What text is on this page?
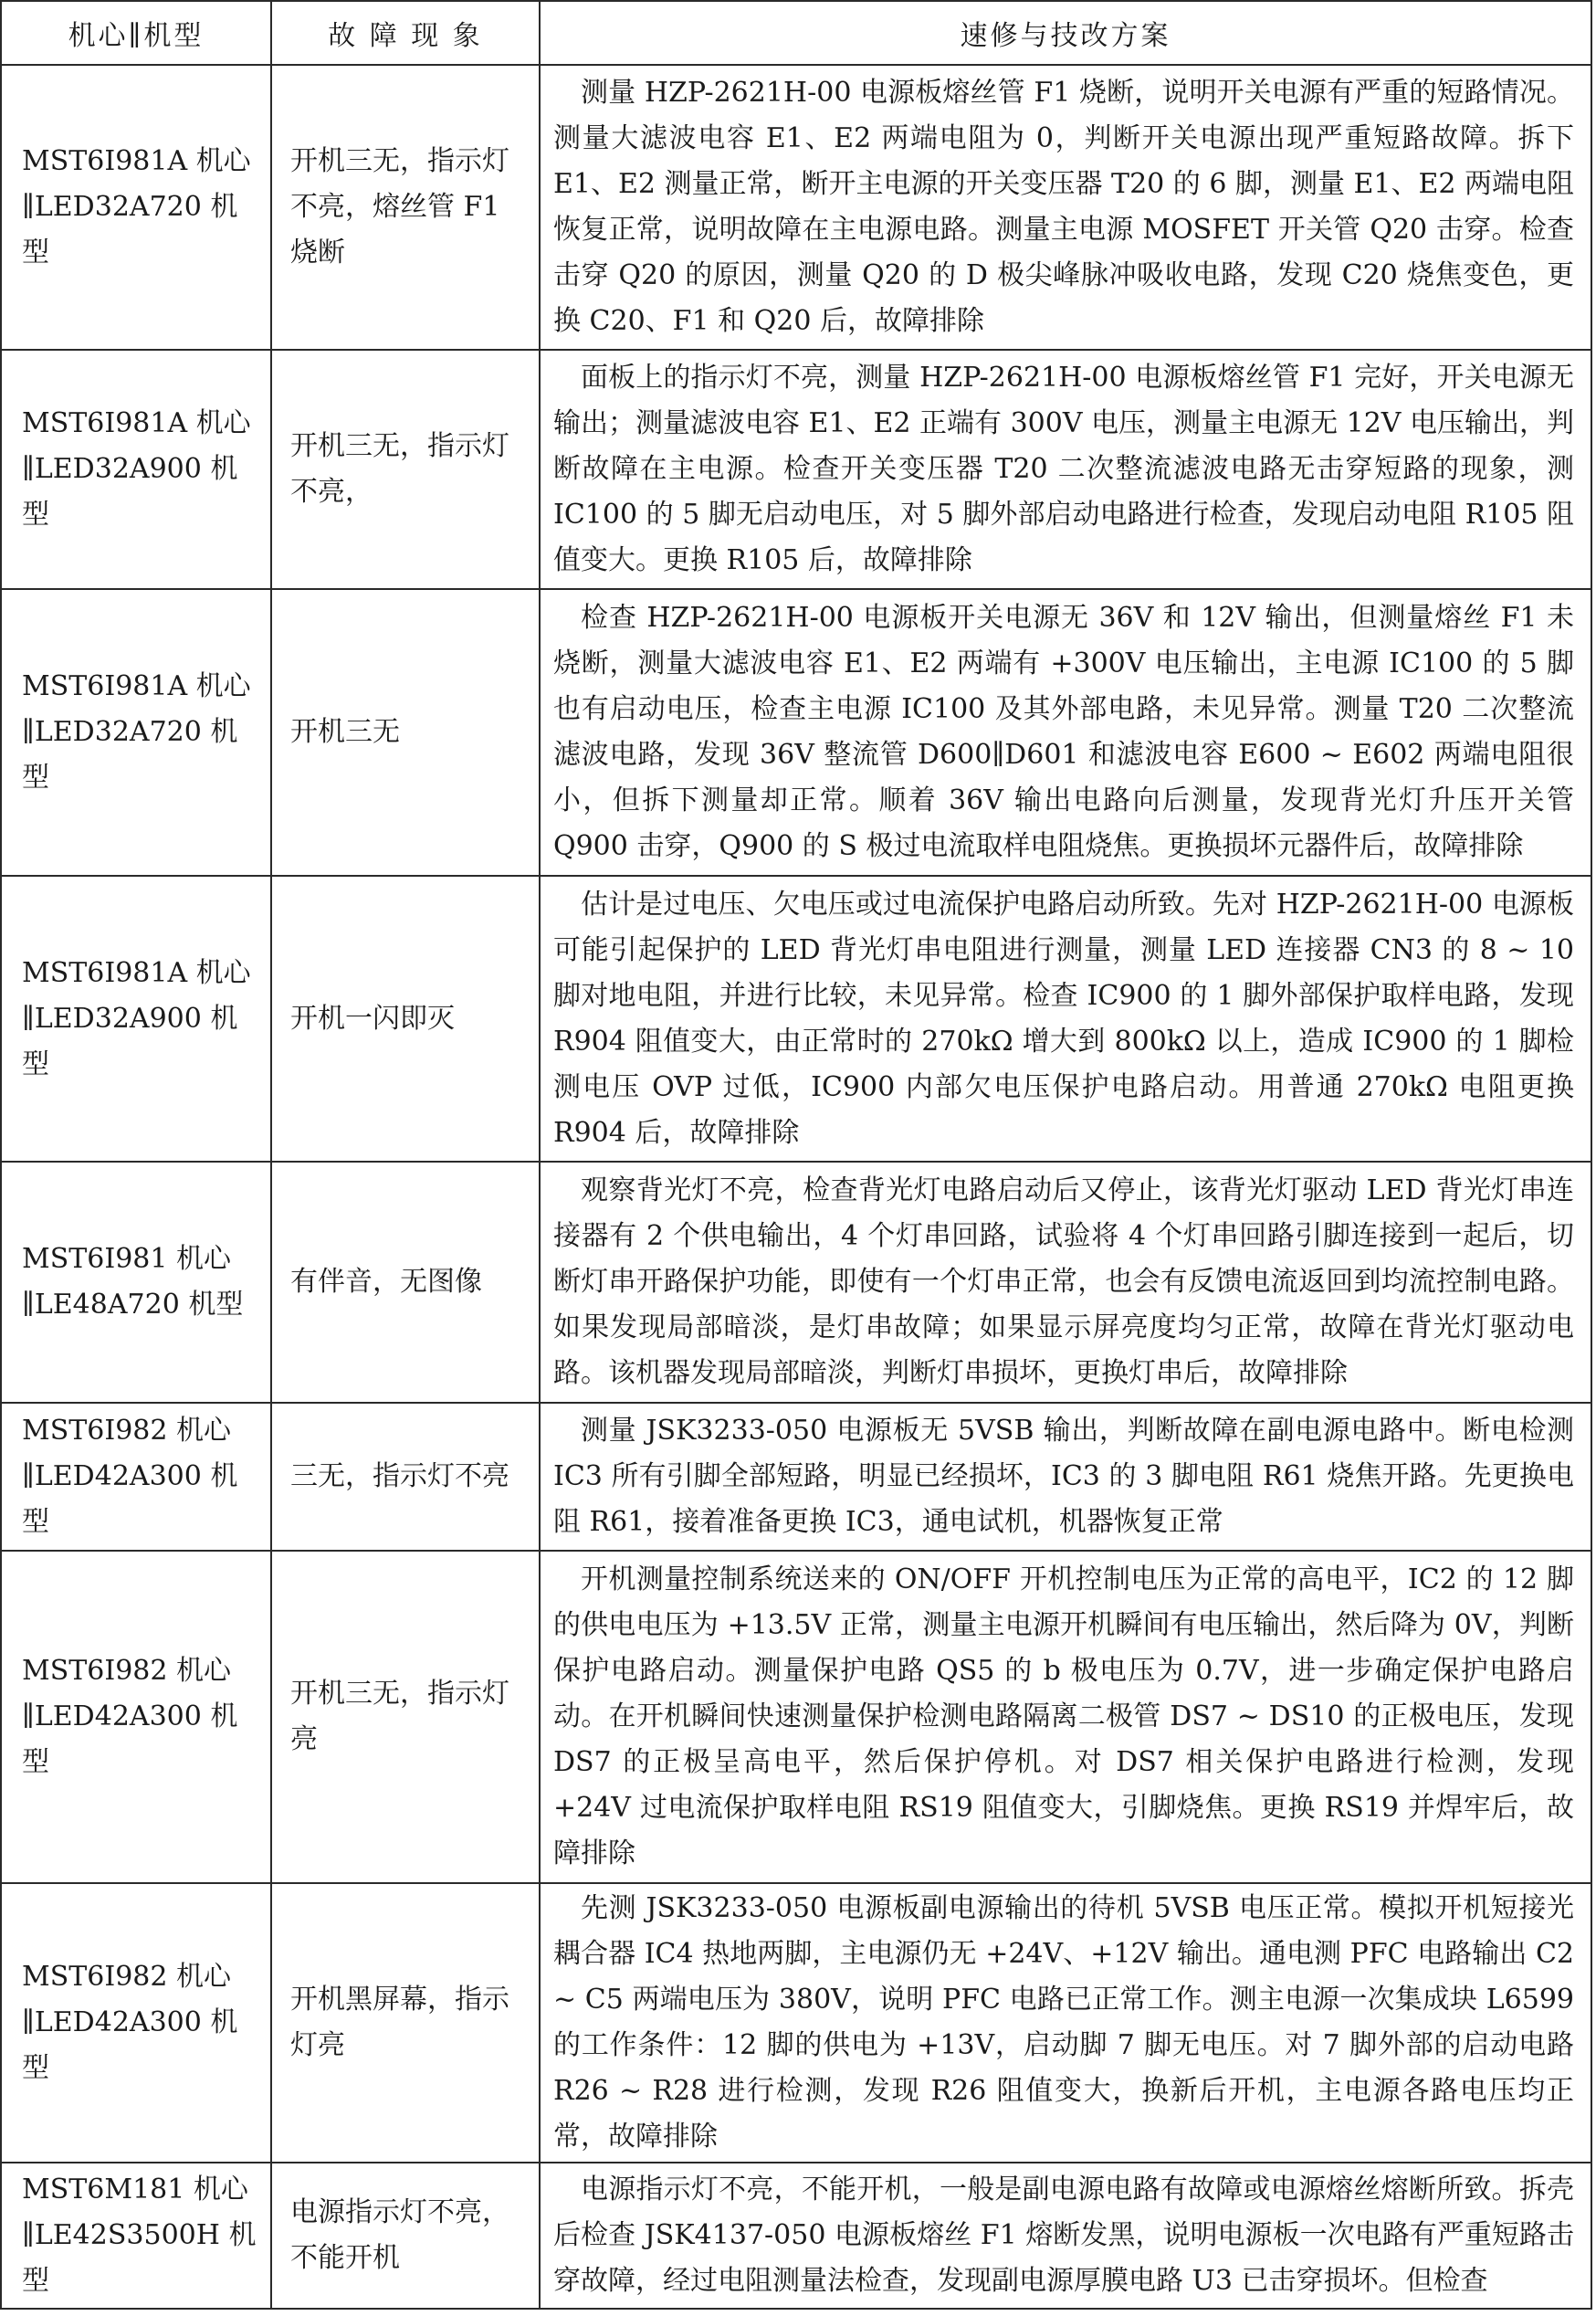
机心∥机型	故 障 现 象	速修与技改方案
MST6I981A 机心∥LED32A720 机型	开机三无，指示灯不亮，熔丝管 F1 烧断	测量 HZP-2621H-00 电源板熔丝管 F1 烧断，说明开关电源有严重的短路情况。测量大滤波电容 E1、E2 两端电阻为 0，判断开关电源出现严重短路故障。拆下 E1、E2 测量正常，断开主电源的开关变压器 T20 的 6 脚，测量 E1、E2 两端电阻恢复正常，说明故障在主电源电路。测量主电源 MOSFET 开关管 Q20 击穿。检查击穿 Q20 的原因，测量 Q20 的 D 极尖峰脉冲吸收电路，发现 C20 烧焦变色，更换 C20、F1 和 Q20 后，故障排除
MST6I981A 机心∥LED32A900 机型	开机三无，指示灯不亮，	面板上的指示灯不亮，测量 HZP-2621H-00 电源板熔丝管 F1 完好，开关电源无输出；测量滤波电容 E1、E2 正端有 300V 电压，测量主电源无 12V 电压输出，判断故障在主电源。检查开关变压器 T20 二次整流滤波电路无击穿短路的现象，测 IC100 的 5 脚无启动电压，对 5 脚外部启动电路进行检查，发现启动电阻 R105 阻值变大。更换 R105 后，故障排除
MST6I981A 机心∥LED32A720 机型	开机三无	检查 HZP-2621H-00 电源板开关电源无 36V 和 12V 输出，但测量熔丝 F1 未烧断，测量大滤波电容 E1、E2 两端有 +300V 电压输出，主电源 IC100 的 5 脚也有启动电压，检查主电源 IC100 及其外部电路，未见异常。测量 T20 二次整流滤波电路，发现 36V 整流管 D600∥D601 和滤波电容 E600 ~ E602 两端电阻很小，但拆下测量却正常。顺着 36V 输出电路向后测量，发现背光灯升压开关管 Q900 击穿，Q900 的 S 极过电流取样电阻烧焦。更换损坏元器件后，故障排除
MST6I981A 机心∥LED32A900 机型	开机一闪即灭	估计是过电压、欠电压或过电流保护电路启动所致。先对 HZP-2621H-00 电源板可能引起保护的 LED 背光灯串电阻进行测量，测量 LED 连接器 CN3 的 8 ~ 10 脚对地电阻，并进行比较，未见异常。检查 IC900 的 1 脚外部保护取样电路，发现 R904 阻值变大，由正常时的 270kΩ 增大到 800kΩ 以上，造成 IC900 的 1 脚检测电压 OVP 过低，IC900 内部欠电压保护电路启动。用普通 270kΩ 电阻更换 R904 后，故障排除
MST6I981 机心∥LE48A720 机型	有伴音，无图像	观察背光灯不亮，检查背光灯电路启动后又停止，该背光灯驱动 LED 背光灯串连接器有 2 个供电输出，4 个灯串回路，试验将 4 个灯串回路引脚连接到一起后，切断灯串开路保护功能，即使有一个灯串正常，也会有反馈电流返回到均流控制电路。如果发现局部暗淡，是灯串故障；如果显示屏亮度均匀正常，故障在背光灯驱动电路。该机器发现局部暗淡，判断灯串损坏，更换灯串后，故障排除
MST6I982 机心∥LED42A300 机型	三无，指示灯不亮	测量 JSK3233-050 电源板无 5VSB 输出，判断故障在副电源电路中。断电检测 IC3 所有引脚全部短路，明显已经损坏，IC3 的 3 脚电阻 R61 烧焦开路。先更换电阻 R61，接着准备更换 IC3，通电试机，机器恢复正常
MST6I982 机心∥LED42A300 机型	开机三无，指示灯亮	开机测量控制系统送来的 ON/OFF 开机控制电压为正常的高电平，IC2 的 12 脚的供电电压为 +13.5V 正常，测量主电源开机瞬间有电压输出，然后降为 0V，判断保护电路启动。测量保护电路 QS5 的 b 极电压为 0.7V，进一步确定保护电路启动。在开机瞬间快速测量保护检测电路隔离二极管 DS7 ~ DS10 的正极电压，发现 DS7 的正极呈高电平，然后保护停机。对 DS7 相关保护电路进行检测，发现 +24V 过电流保护取样电阻 RS19 阻值变大，引脚烧焦。更换 RS19 并焊牢后，故障排除
MST6I982 机心∥LED42A300 机型	开机黑屏幕，指示灯亮	先测 JSK3233-050 电源板副电源输出的待机 5VSB 电压正常。模拟开机短接光耦合器 IC4 热地两脚，主电源仍无 +24V、+12V 输出。通电测 PFC 电路输出 C2 ~ C5 两端电压为 380V，说明 PFC 电路已正常工作。测主电源一次集成块 L6599 的工作条件：12 脚的供电为 +13V，启动脚 7 脚无电压。对 7 脚外部的启动电路 R26 ~ R28 进行检测，发现 R26 阻值变大，换新后开机，主电源各路电压均正常，故障排除
MST6M181 机心∥LE42S3500H 机型	电源指示灯不亮，不能开机	电源指示灯不亮，不能开机，一般是副电源电路有故障或电源熔丝熔断所致。拆壳后检查 JSK4137-050 电源板熔丝 F1 熔断发黑，说明电源板一次电路有严重短路击穿故障，经过电阻测量法检查，发现副电源厚膜电路 U3 已击穿损坏。但检查
